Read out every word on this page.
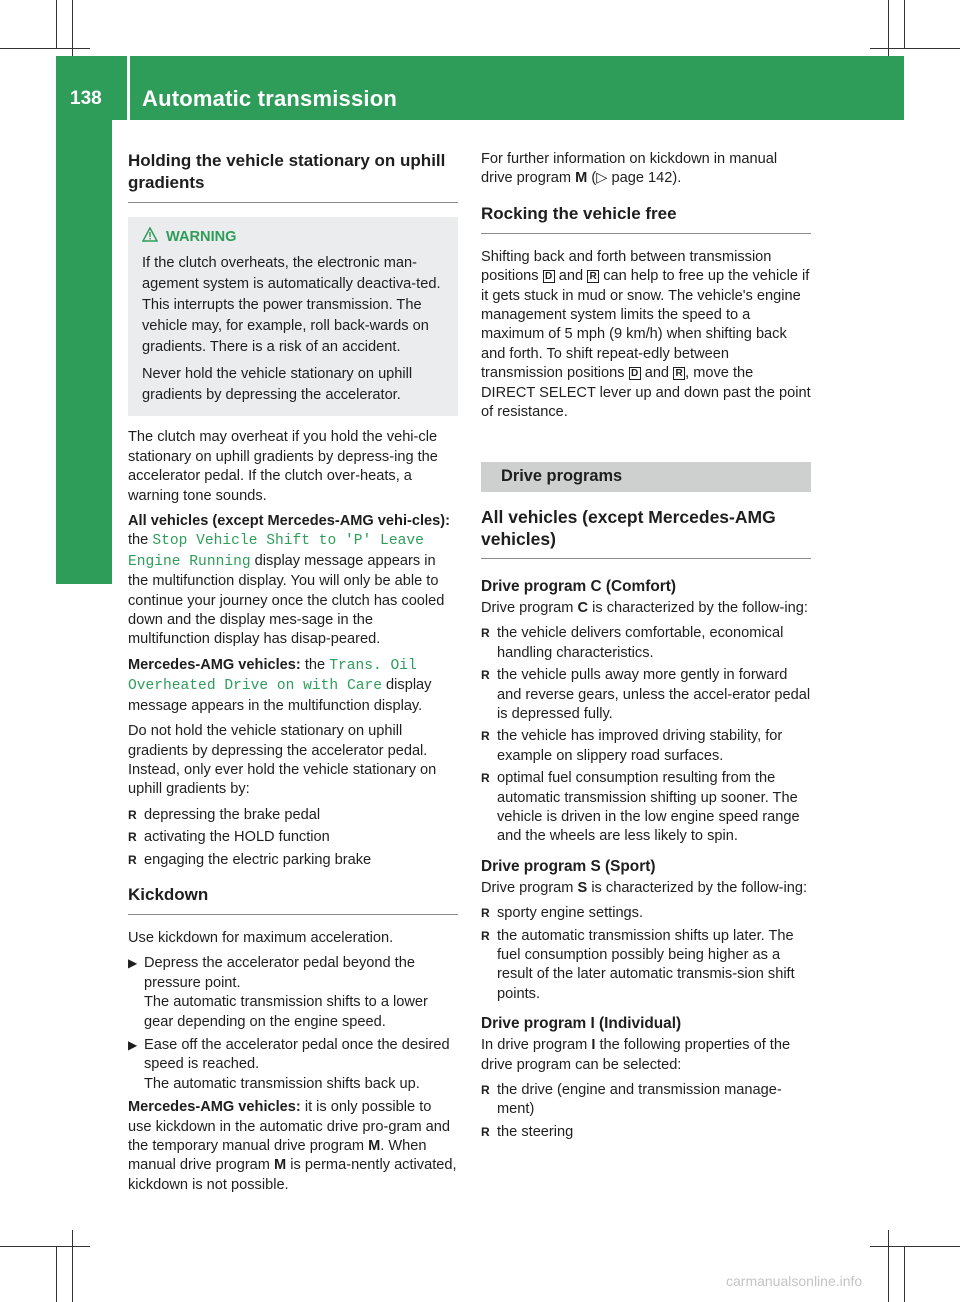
138	Automatic transmission
Driving and parking
Holding the vehicle stationary on uphill gradients
WARNING

If the clutch overheats, the electronic man-agement system is automatically deactiva-ted. This interrupts the power transmission. The vehicle may, for example, roll back-wards on gradients. There is a risk of an accident.

Never hold the vehicle stationary on uphill gradients by depressing the accelerator.

The clutch may overheat if you hold the vehi-cle stationary on uphill gradients by depress-ing the accelerator pedal. If the clutch over-heats, a warning tone sounds.

All vehicles (except Mercedes-AMG vehi-cles): the Stop Vehicle Shift to 'P' Leave Engine Running display message appears in the multifunction display. You will only be able to continue your journey once the clutch has cooled down and the display mes-sage in the multifunction display has disap-peared.

Mercedes-AMG vehicles: the Trans. Oil Overheated Drive on with Care display message appears in the multifunction display.

Do not hold the vehicle stationary on uphill gradients by depressing the accelerator pedal. Instead, only ever hold the vehicle stationary on uphill gradients by:

R depressing the brake pedal
R activating the HOLD function
R engaging the electric parking brake
Kickdown

Use kickdown for maximum acceleration.

▶ Depress the accelerator pedal beyond the pressure point.
The automatic transmission shifts to a lower gear depending on the engine speed.
▶ Ease off the accelerator pedal once the desired speed is reached.
The automatic transmission shifts back up.

Mercedes-AMG vehicles: it is only possible to use kickdown in the automatic drive pro-gram and the temporary manual drive program M. When manual drive program M is perma-nently activated, kickdown is not possible.

For further information on kickdown in manual drive program M (▷ page 142).

Rocking the vehicle free

Shifting back and forth between transmission positions D and R can help to free up the vehicle if it gets stuck in mud or snow. The vehicle's engine management system limits the speed to a maximum of 5 mph (9 km/h) when shifting back and forth. To shift repeat-edly between transmission positions D and R , move the DIRECT SELECT lever up and down past the point of resistance.

Drive programs
All vehicles (except Mercedes-AMG vehicles)
Drive program C (Comfort)

Drive program C is characterized by the follow-ing:

R the vehicle delivers comfortable, economical handling characteristics.
R the vehicle pulls away more gently in forward and reverse gears, unless the accel-erator pedal is depressed fully.
R the vehicle has improved driving stability, for example on slippery road surfaces.
R optimal fuel consumption resulting from the automatic transmission shifting up sooner. The vehicle is driven in the low engine speed range and the wheels are less likely to spin.
Drive program S (Sport)

Drive program S is characterized by the follow-ing:

R sporty engine settings.
R the automatic transmission shifts up later. The fuel consumption possibly being higher as a result of the later automatic transmis-sion shift points.
Drive program I (Individual)

In drive program I the following properties of the drive program can be selected:

R the drive (engine and transmission manage-ment)
R the steering
carmanualsonline.info
